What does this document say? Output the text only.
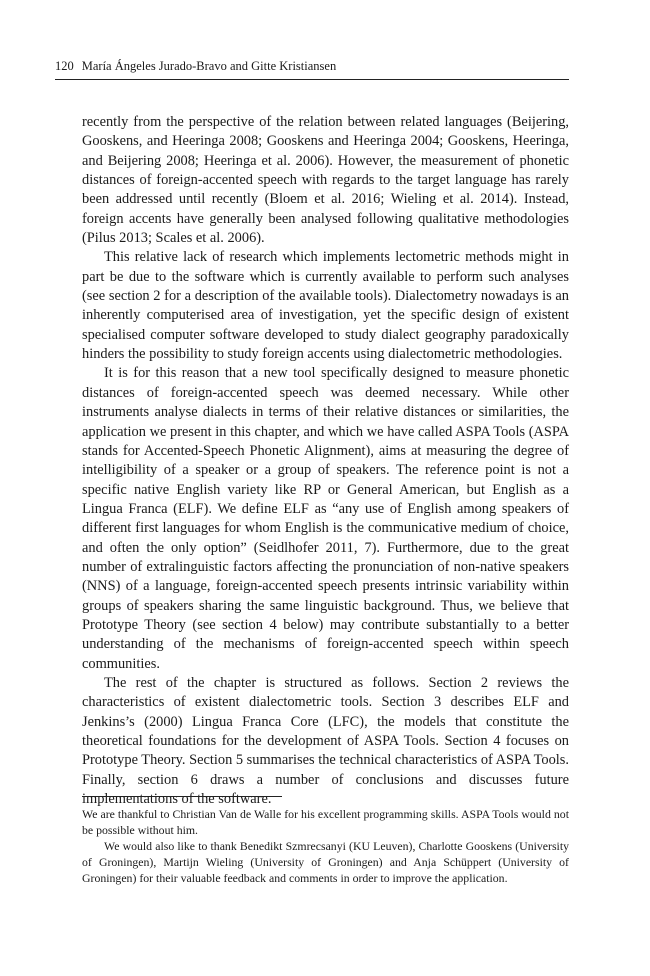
120 María Ángeles Jurado-Bravo and Gitte Kristiansen

recently from the perspective of the relation between related languages (Beijering, Gooskens, and Heeringa 2008; Gooskens and Heeringa 2004; Gooskens, Heeringa, and Beijering 2008; Heeringa et al. 2006). However, the measurement of phonetic distances of foreign-accented speech with regards to the target language has rarely been addressed until recently (Bloem et al. 2016; Wieling et al. 2014). Instead, foreign accents have generally been analysed following qualitative methodologies (Pilus 2013; Scales et al. 2006).

This relative lack of research which implements lectometric methods might in part be due to the software which is currently available to perform such analyses (see section 2 for a description of the available tools). Dialectometry nowadays is an inherently computerised area of investigation, yet the specific design of existent specialised computer software developed to study dialect geography paradoxically hinders the possibility to study foreign accents using dialectometric methodologies.

It is for this reason that a new tool specifically designed to measure phonetic distances of foreign-accented speech was deemed necessary. While other instruments analyse dialects in terms of their relative distances or similarities, the application we present in this chapter, and which we have called ASPA Tools (ASPA stands for Accented-Speech Phonetic Alignment), aims at measuring the degree of intelligibility of a speaker or a group of speakers. The reference point is not a specific native English variety like RP or General American, but English as a Lingua Franca (ELF). We define ELF as “any use of English among speakers of different first languages for whom English is the communicative medium of choice, and often the only option” (Seidlhofer 2011, 7). Furthermore, due to the great number of extralinguistic factors affecting the pronunciation of non-native speakers (NNS) of a language, foreign-accented speech presents intrinsic variability within groups of speakers sharing the same linguistic background. Thus, we believe that Prototype Theory (see section 4 below) may contribute substantially to a better understanding of the mechanisms of foreign-accented speech within speech communities.

The rest of the chapter is structured as follows. Section 2 reviews the characteristics of existent dialectometric tools. Section 3 describes ELF and Jenkins’s (2000) Lingua Franca Core (LFC), the models that constitute the theoretical foundations for the development of ASPA Tools. Section 4 focuses on Prototype Theory. Section 5 summarises the technical characteristics of ASPA Tools. Finally, section 6 draws a number of conclusions and discusses future implementations of the software.

We are thankful to Christian Van de Walle for his excellent programming skills. ASPA Tools would not be possible without him.

We would also like to thank Benedikt Szmrecsanyi (KU Leuven), Charlotte Gooskens (University of Groningen), Martijn Wieling (University of Groningen) and Anja Schüppert (University of Groningen) for their valuable feedback and comments in order to improve the application.
